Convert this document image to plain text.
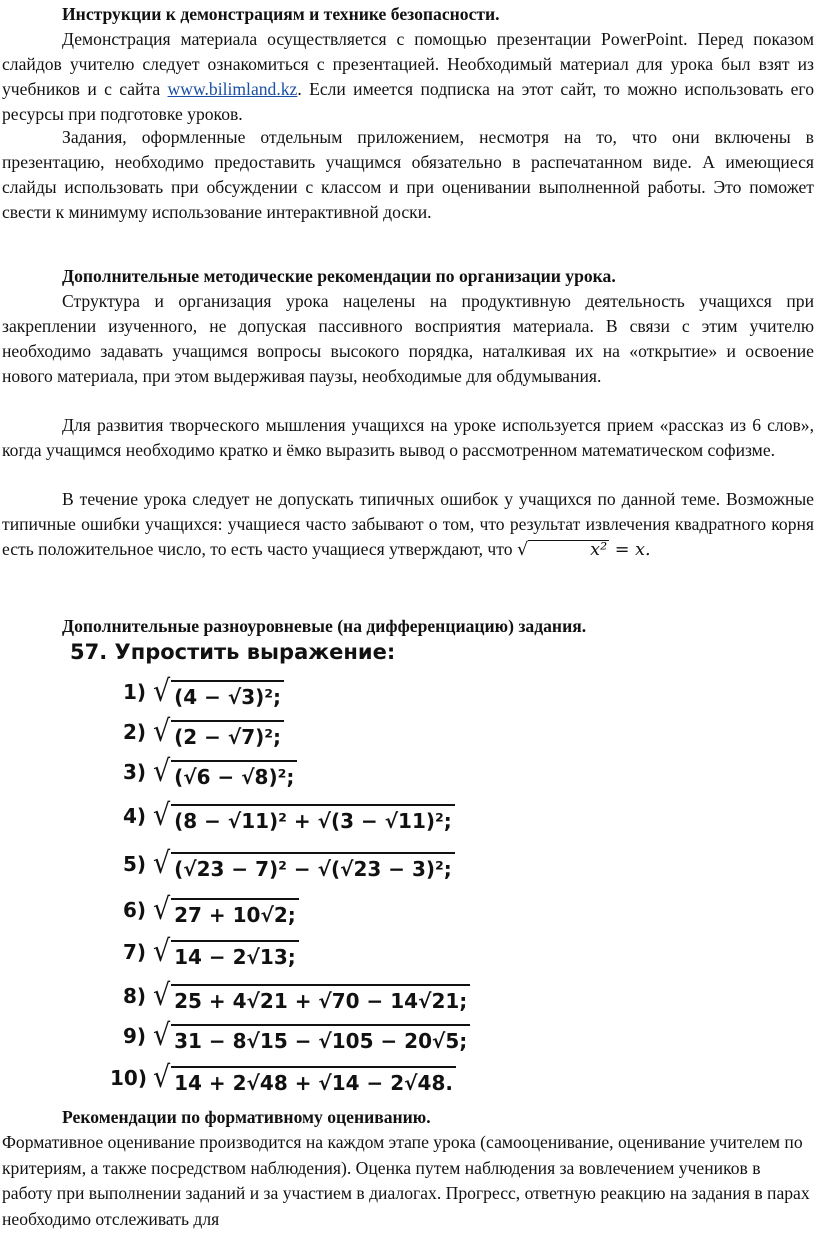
Инструкции к демонстрациям и технике безопасности.

Демонстрация материала осуществляется с помощью презентации PowerPoint. Перед показом слайдов учителю следует ознакомиться с презентацией. Необходимый материал для урока был взят из учебников и с сайта www.bilimland.kz. Если имеется подписка на этот сайт, то можно использовать его ресурсы при подготовке уроков.

Задания, оформленные отдельным приложением, несмотря на то, что они включены в презентацию, необходимо предоставить учащимся обязательно в распечатанном виде. А имеющиеся слайды использовать при обсуждении с классом и при оценивании выполненной работы. Это поможет свести к минимуму использование интерактивной доски.

Дополнительные методические рекомендации по организации урока.

Структура и организация урока нацелены на продуктивную деятельность учащихся при закреплении изученного, не допуская пассивного восприятия материала. В связи с этим учителю необходимо задавать учащимся вопросы высокого порядка, наталкивая их на «открытие» и освоение нового материала, при этом выдерживая паузы, необходимые для обдумывания.

Для развития творческого мышления учащихся на уроке используется прием «рассказ из 6 слов», когда учащимся необходимо кратко и ёмко выразить вывод о рассмотренном математическом софизме.

В течение урока следует не допускать типичных ошибок у учащихся по данной теме. Возможные типичные ошибки учащихся: учащиеся часто забывают о том, что результат извлечения квадратного корня есть положительное число, то есть часто учащиеся утверждают, что √	x² = x.

Дополнительные разноуровневые (на дифференциацию) задания.

57. Упростить выражение:
1) √ (4 − √3)²;
2) √ (2 − √7)²;
3) √ (√6 − √8)²;
4) √ (8 − √11)² + √(3 − √11)²;
5) √ (√23 − 7)² − √(√23 − 3)²;
6) √ 27 + 10√2;
7) √ 14 − 2√13;
8) √ 25 + 4√21 + √70 − 14√21;
9) √ 31 − 8√15 − √105 − 20√5;
10) √ 14 + 2√48 + √14 − 2√48.

Рекомендации по формативному оцениванию.

Формативное оценивание производится на каждом этапе урока (самооценивание, оценивание учителем по критериям, а также посредством наблюдения). Оценка путем наблюдения за вовлечением учеников в работу при выполнении заданий и за участием в диалогах. Прогресс, ответную реакцию на задания в парах необходимо отслеживать для
